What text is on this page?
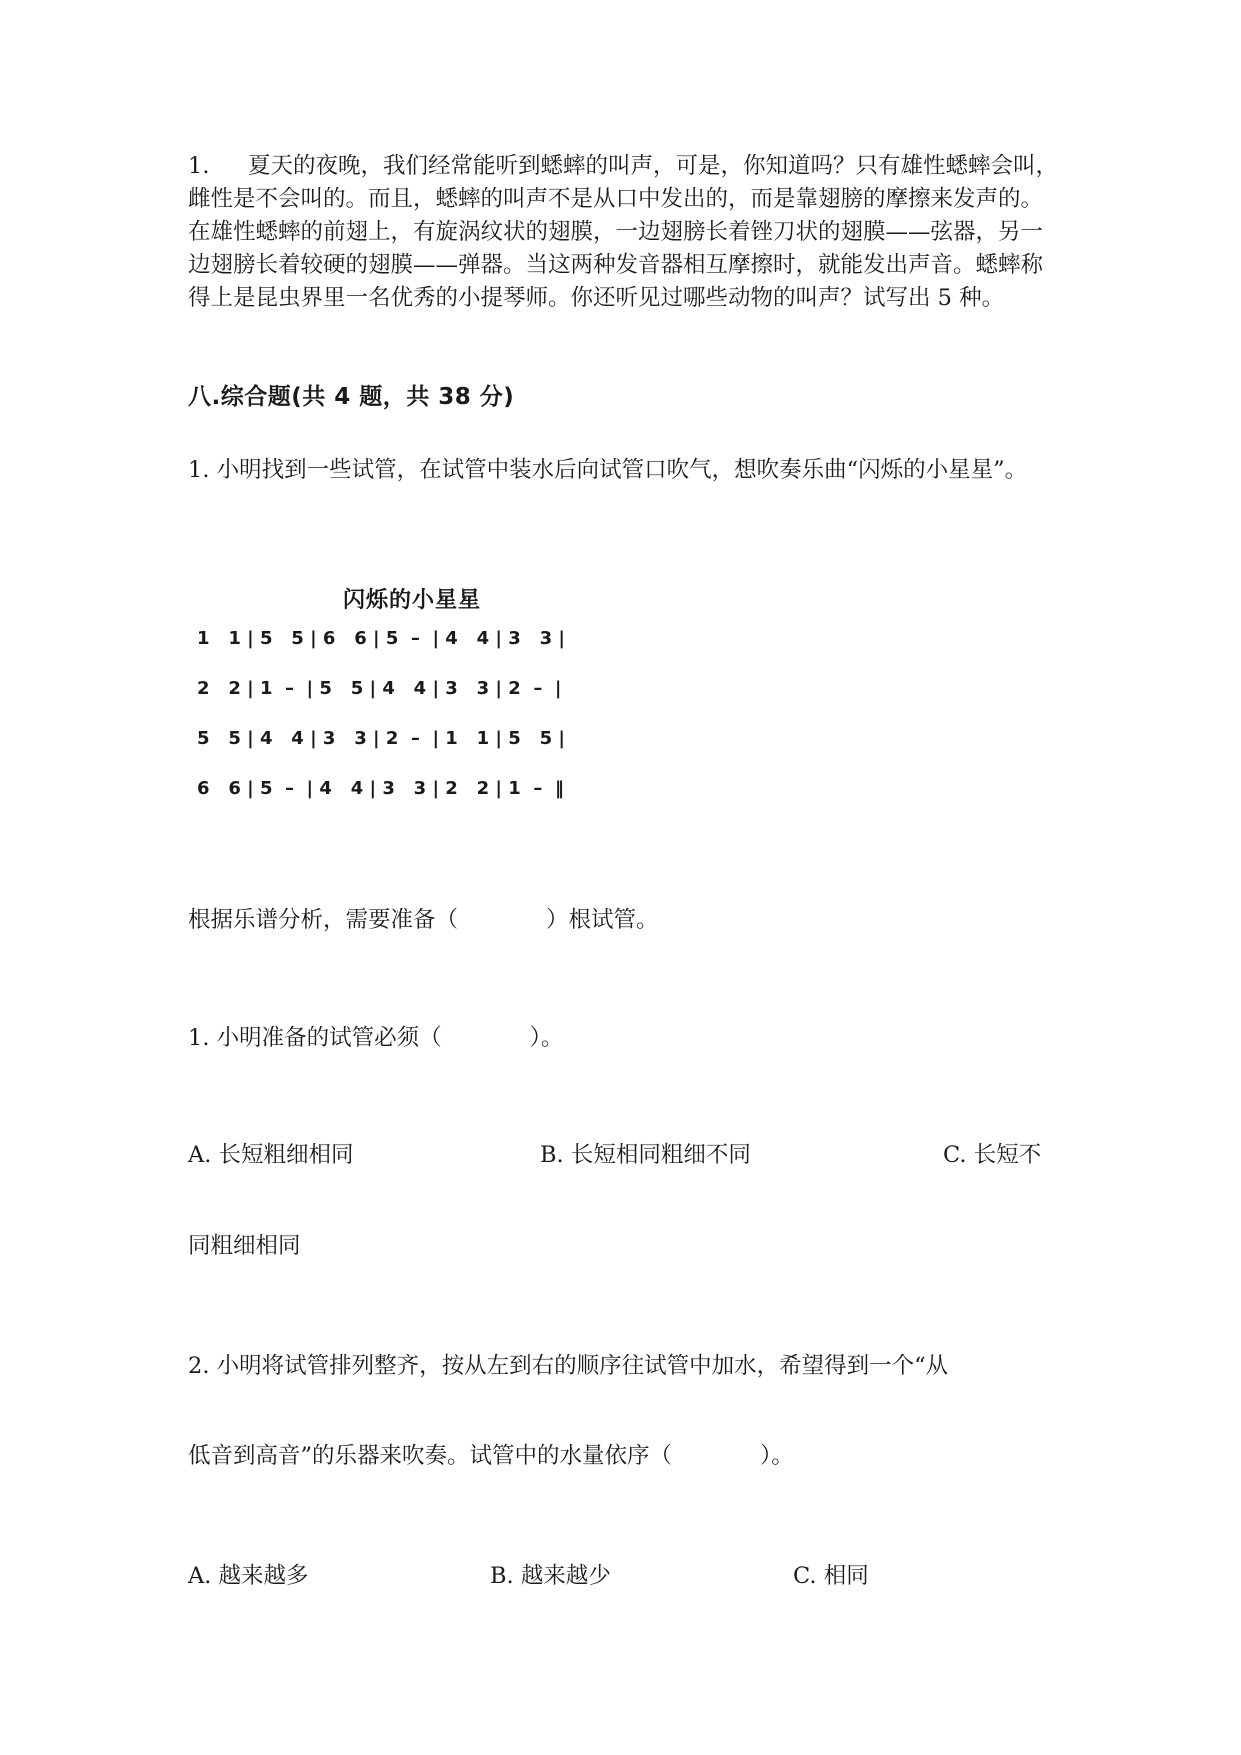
1. 夏天的夜晚，我们经常能听到蟋蟀的叫声，可是，你知道吗？只有雄性蟋蟀会叫，雌性是不会叫的。而且，蟋蟀的叫声不是从口中发出的，而是靠翅膀的摩擦来发声的。在雄性蟋蟀的前翅上，有旋涡纹状的翅膜，一边翅膀长着锉刀状的翅膜——弦器，另一边翅膀长着较硬的翅膜——弹器。当这两种发音器相互摩擦时，就能发出声音。蟋蟀称得上是昆虫界里一名优秀的小提琴师。你还听见过哪些动物的叫声？试写出 5 种。
八.综合题(共 4 题，共 38 分)
1. 小明找到一些试管，在试管中装水后向试管口吹气，想吹奏乐曲“闪烁的小星星”。
闪烁的小星星
1   1 | 5   5 | 6   6 | 5  –  | 4   4 | 3   3 |
2   2 | 1  –  | 5   5 | 4   4 | 3   3 | 2  –  |
5   5 | 4   4 | 3   3 | 2  –  | 1   1 | 5   5 |
6   6 | 5  –  | 4   4 | 3   3 | 2   2 | 1  –  ‖
根据乐谱分析，需要准备（	）根试管。
1. 小明准备的试管必须（	）。
A. 长短粗细相同	B. 长短相同粗细不同	C. 长短不
同粗细相同
2. 小明将试管排列整齐，按从左到右的顺序往试管中加水，希望得到一个“从
低音到高音”的乐器来吹奏。试管中的水量依序（	）。
A. 越来越多	B. 越来越少	C. 相同
